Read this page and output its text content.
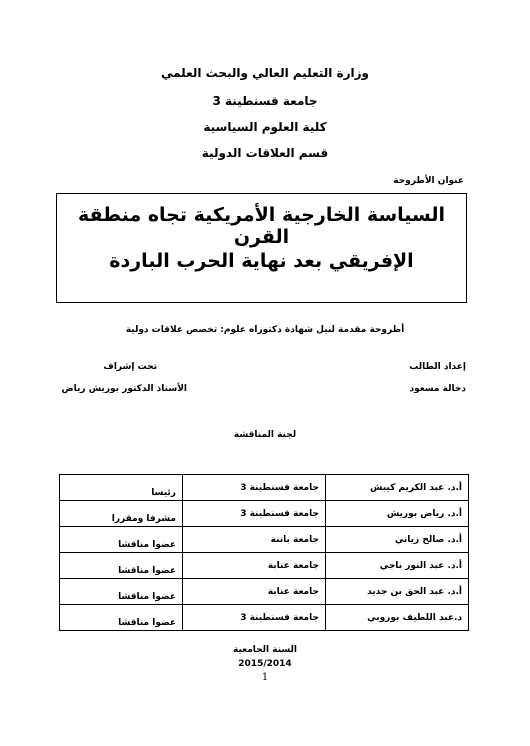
وزارة التعليم العالي والبحث العلمي
جامعة قسنطينة 3
كلية العلوم السياسية
قسم العلاقات الدولية
عنوان الأطروحة
السياسة الخارجية الأمريكية تجاه منطقة القرن
الإفريقي بعد نهاية الحرب الباردة
أطروحة مقدمة لنيل شهادة دكتوراه علوم: تخصص علاقات دولية
إعداد الطالب
دخالة مسعود
تحت إشراف
الأستاذ الدكتور بوريش رياض
لجنة المناقشة
أ.د. عبد الكريم كيبش	جامعة قسنطينة 3	رئيسا
أ.د. رياض بوريش	جامعة قسنطينة 3	مشرفا ومقررا
أ.د. صالح زياني	جامعة باتنة	عضوا مناقشا
أ.د. عبد النور ناجي	جامعة عنابة	عضوا مناقشا
أ.د. عبد الحق بن جديد	جامعة عنابة	عضوا مناقشا
د.عبد اللطيف بوروبي	جامعة قسنطينة 3	عضوا مناقشا
السنة الجامعية
2015/2014
1
